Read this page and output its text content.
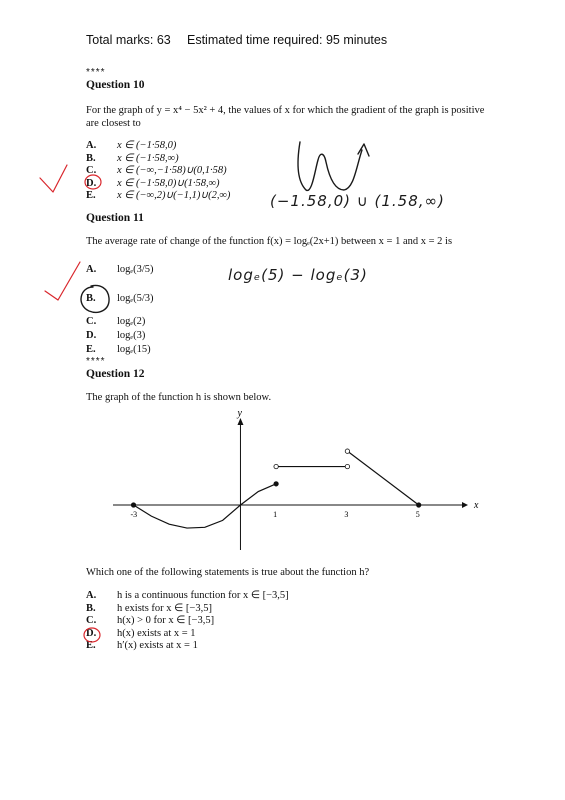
Total marks: 63 Estimated time required: 95 minutes
****
Question 10
For the graph of y = x⁴ − 5x² + 4, the values of x for which the gradient of the graph is positive are closest to
A. x ∈ (−1·58,0)
B. x ∈ (−1·58,∞)
C. x ∈ (−∞,−1·58)∪(0,1·58)
D. x ∈ (−1·58,0)∪(1·58,∞)
E. x ∈ (−∞,2)∪(−1,1)∪(2,∞)	(−1.58,0) ∪ (1.58,∞)
Question 11
The average rate of change of the function f(x) = logₑ(2x+1) between x = 1 and x = 2 is
A. logₑ(3/5)
B. logₑ(5/3)
C. logₑ(2)
D. logₑ(3)
E. logₑ(15)
logₑ(5) − logₑ(3)
****
Question 12
The graph of the function h is shown below.
x
y
-3	1	3	5
Which one of the following statements is true about the function h?
A. h is a continuous function for x ∈ [−3,5]
B. h exists for x ∈ [−3,5]
C. h(x) > 0 for x ∈ [−3,5]
D. h(x) exists at x = 1
E. h′(x) exists at x = 1
